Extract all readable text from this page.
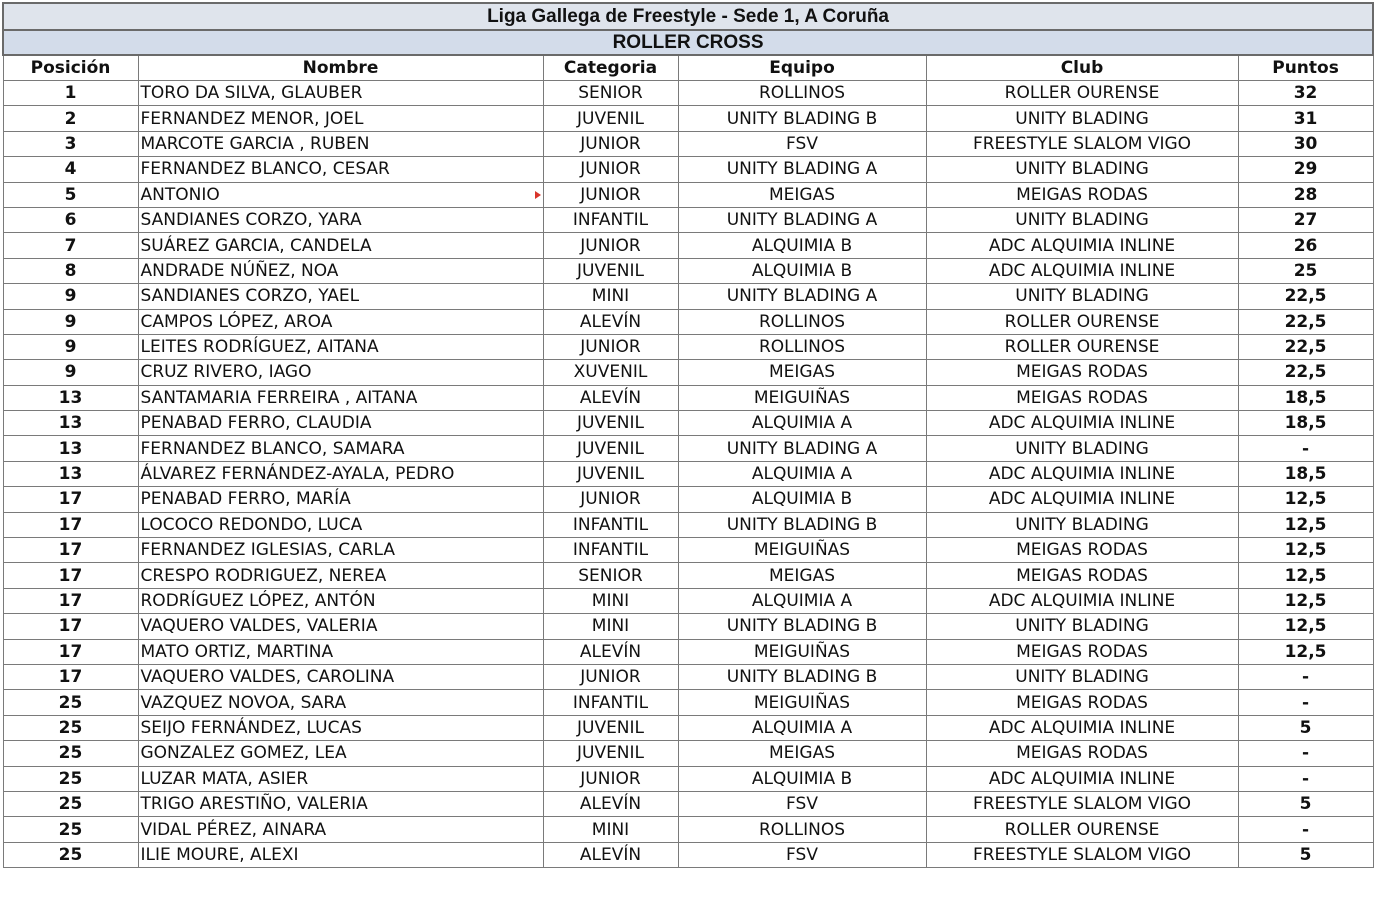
Liga Gallega de Freestyle - Sede 1, A Coruña					
ROLLER CROSS					
Posición	Nombre	Categoria	Equipo	Club	Puntos
1	TORO DA SILVA, GLAUBER	SENIOR	ROLLINOS	ROLLER OURENSE	32
2	FERNANDEZ MENOR, JOEL	JUVENIL	UNITY BLADING B	UNITY BLADING	31
3	MARCOTE GARCIA , RUBEN	JUNIOR	FSV	FREESTYLE SLALOM VIGO	30
4	FERNANDEZ BLANCO, CESAR	JUNIOR	UNITY BLADING A	UNITY BLADING	29
5	ANTONIO	JUNIOR	MEIGAS	MEIGAS RODAS	28
6	SANDIANES CORZO, YARA	INFANTIL	UNITY BLADING A	UNITY BLADING	27
7	SUÁREZ GARCIA, CANDELA	JUNIOR	ALQUIMIA B	ADC ALQUIMIA INLINE	26
8	ANDRADE NÚÑEZ, NOA	JUVENIL	ALQUIMIA B	ADC ALQUIMIA INLINE	25
9	SANDIANES CORZO, YAEL	MINI	UNITY BLADING A	UNITY BLADING	22,5
9	CAMPOS LÓPEZ, AROA	ALEVÍN	ROLLINOS	ROLLER OURENSE	22,5
9	LEITES RODRÍGUEZ, AITANA	JUNIOR	ROLLINOS	ROLLER OURENSE	22,5
9	CRUZ RIVERO, IAGO	XUVENIL	MEIGAS	MEIGAS RODAS	22,5
13	SANTAMARIA FERREIRA , AITANA	ALEVÍN	MEIGUIÑAS	MEIGAS RODAS	18,5
13	PENABAD FERRO, CLAUDIA	JUVENIL	ALQUIMIA A	ADC ALQUIMIA INLINE	18,5
13	FERNANDEZ BLANCO, SAMARA	JUVENIL	UNITY BLADING A	UNITY BLADING	-
13	ÁLVAREZ FERNÁNDEZ-AYALA, PEDRO	JUVENIL	ALQUIMIA A	ADC ALQUIMIA INLINE	18,5
17	PENABAD FERRO, MARÍA	JUNIOR	ALQUIMIA B	ADC ALQUIMIA INLINE	12,5
17	LOCOCO REDONDO, LUCA	INFANTIL	UNITY BLADING B	UNITY BLADING	12,5
17	FERNANDEZ IGLESIAS, CARLA	INFANTIL	MEIGUIÑAS	MEIGAS RODAS	12,5
17	CRESPO RODRIGUEZ, NEREA	SENIOR	MEIGAS	MEIGAS RODAS	12,5
17	RODRÍGUEZ LÓPEZ, ANTÓN	MINI	ALQUIMIA A	ADC ALQUIMIA INLINE	12,5
17	VAQUERO VALDES, VALERIA	MINI	UNITY BLADING B	UNITY BLADING	12,5
17	MATO ORTIZ, MARTINA	ALEVÍN	MEIGUIÑAS	MEIGAS RODAS	12,5
17	VAQUERO VALDES, CAROLINA	JUNIOR	UNITY BLADING B	UNITY BLADING	-
25	VAZQUEZ NOVOA, SARA	INFANTIL	MEIGUIÑAS	MEIGAS RODAS	-
25	SEIJO FERNÁNDEZ, LUCAS	JUVENIL	ALQUIMIA A	ADC ALQUIMIA INLINE	5
25	GONZALEZ GOMEZ, LEA	JUVENIL	MEIGAS	MEIGAS RODAS	-
25	LUZAR MATA, ASIER	JUNIOR	ALQUIMIA B	ADC ALQUIMIA INLINE	-
25	TRIGO ARESTIÑO, VALERIA	ALEVÍN	FSV	FREESTYLE SLALOM VIGO	5
25	VIDAL PÉREZ, AINARA	MINI	ROLLINOS	ROLLER OURENSE	-
25	ILIE MOURE, ALEXI	ALEVÍN	FSV	FREESTYLE SLALOM VIGO	5
